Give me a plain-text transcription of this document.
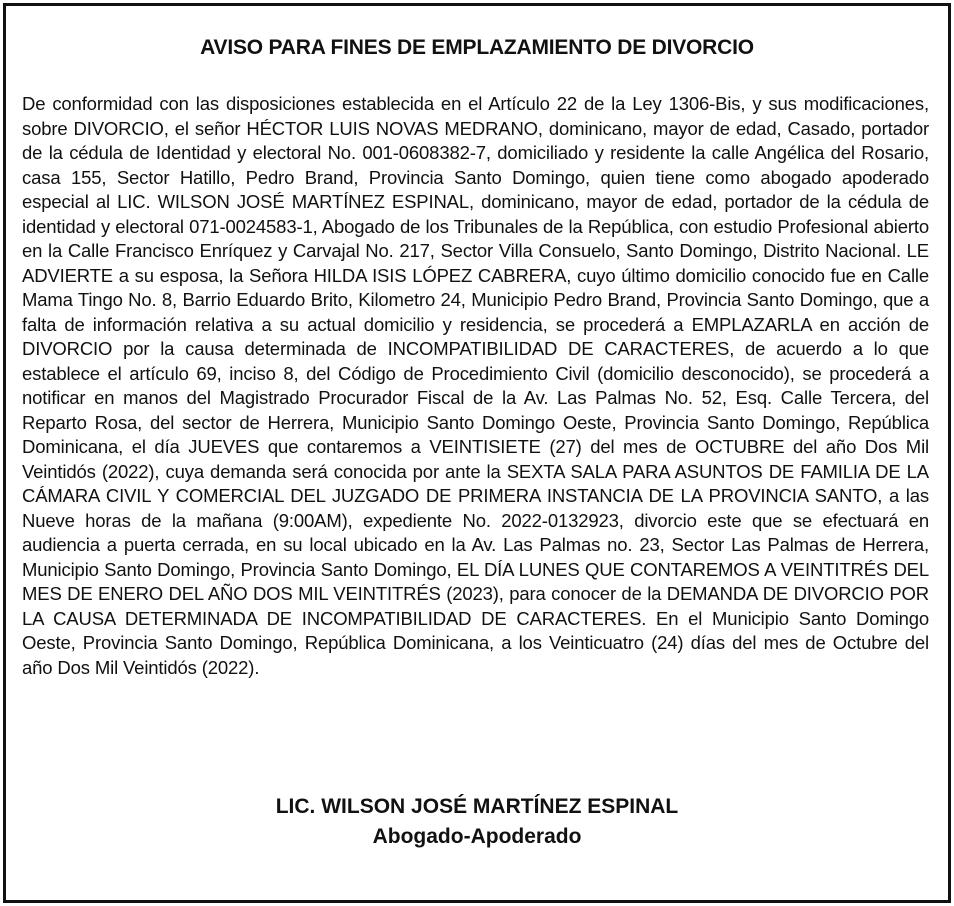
AVISO PARA FINES DE EMPLAZAMIENTO DE DIVORCIO

De conformidad con las disposiciones establecida en el Artículo 22 de la Ley 1306-Bis, y sus modificaciones, sobre DIVORCIO, el señor HÉCTOR LUIS NOVAS MEDRANO, dominicano, mayor de edad, Casado, portador de la cédula de Identidad y electoral No. 001-0608382-7, domiciliado y residente la calle Angélica del Rosario, casa 155, Sector Hatillo, Pedro Brand, Provincia Santo Domingo, quien tiene como abogado apoderado especial al LIC. WILSON JOSÉ MARTÍNEZ ESPINAL, dominicano, mayor de edad, portador de la cédula de identidad y electoral 071-0024583-1, Abogado de los Tribunales de la República, con estudio Profesional abierto en la Calle Francisco Enríquez y Carvajal No. 217, Sector Villa Consuelo, Santo Domingo, Distrito Nacional. LE ADVIERTE a su esposa, la Señora HILDA ISIS LÓPEZ CABRERA, cuyo último domicilio conocido fue en Calle Mama Tingo No. 8, Barrio Eduardo Brito, Kilometro 24, Municipio Pedro Brand, Provincia Santo Domingo, que a falta de información relativa a su actual domicilio y residencia, se procederá a EMPLAZARLA en acción de DIVORCIO por la causa determinada de INCOMPATIBILIDAD DE CARACTERES, de acuerdo a lo que establece el artículo 69, inciso 8, del Código de Procedimiento Civil (domicilio desconocido), se procederá a notificar en manos del Magistrado Procurador Fiscal de la Av. Las Palmas No. 52, Esq. Calle Tercera, del Reparto Rosa, del sector de Herrera, Municipio Santo Domingo Oeste, Provincia Santo Domingo, República Dominicana, el día JUEVES que contaremos a VEINTISIETE (27) del mes de OCTUBRE del año Dos Mil Veintidós (2022), cuya demanda será conocida por ante la SEXTA SALA PARA ASUNTOS DE FAMILIA DE LA CÁMARA CIVIL Y COMERCIAL DEL JUZGADO DE PRIMERA INSTANCIA DE LA PROVINCIA SANTO, a las Nueve horas de la mañana (9:00AM), expediente No. 2022-0132923, divorcio este que se efectuará en audiencia a puerta cerrada, en su local ubicado en la Av. Las Palmas no. 23, Sector Las Palmas de Herrera, Municipio Santo Domingo, Provincia Santo Domingo, EL DÍA LUNES QUE CONTAREMOS A VEINTITRÉS DEL MES DE ENERO DEL AÑO DOS MIL VEINTITRÉS (2023), para conocer de la DEMANDA DE DIVORCIO POR LA CAUSA DETERMINADA DE INCOMPATIBILIDAD DE CARACTERES. En el Municipio Santo Domingo Oeste, Provincia Santo Domingo, República Dominicana, a los Veinticuatro (24) días del mes de Octubre del año Dos Mil Veintidós (2022).

LIC. WILSON JOSÉ MARTÍNEZ ESPINAL
Abogado-Apoderado
